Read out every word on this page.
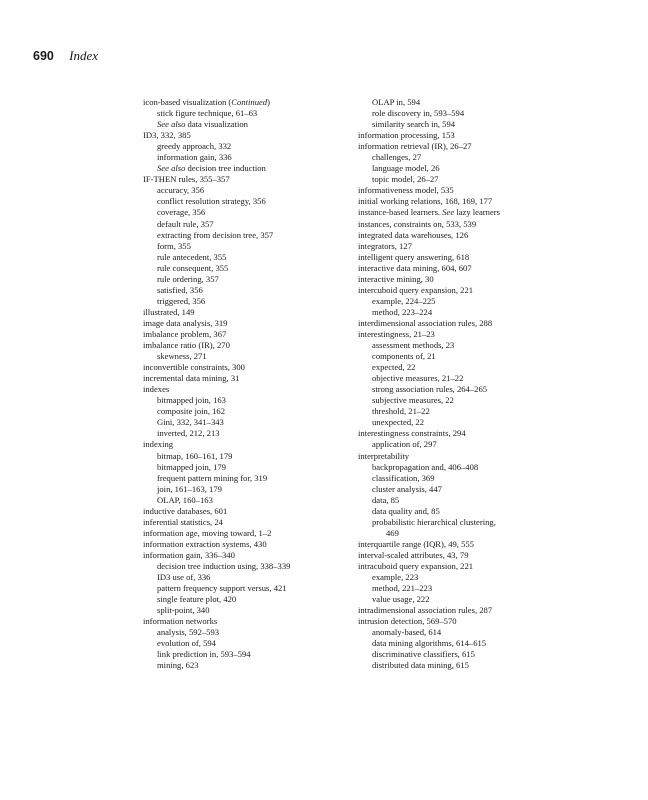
690 Index
icon-based visualization (Continued)
stick figure technique, 61–63
See also data visualization
ID3, 332, 385
greedy approach, 332
information gain, 336
See also decision tree induction
IF-THEN rules, 355–357
accuracy, 356
conflict resolution strategy, 356
coverage, 356
default rule, 357
extracting from decision tree, 357
form, 355
rule antecedent, 355
rule consequent, 355
rule ordering, 357
satisfied, 356
triggered, 356
illustrated, 149
image data analysis, 319
imbalance problem, 367
imbalance ratio (IR), 270
skewness, 271
inconvertible constraints, 300
incremental data mining, 31
indexes
bitmapped join, 163
composite join, 162
Gini, 332, 341–343
inverted, 212, 213
indexing
bitmap, 160–161, 179
bitmapped join, 179
frequent pattern mining for, 319
join, 161–163, 179
OLAP, 160–163
inductive databases, 601
inferential statistics, 24
information age, moving toward, 1–2
information extraction systems, 430
information gain, 336–340
decision tree induction using, 338–339
ID3 use of, 336
pattern frequency support versus, 421
single feature plot, 420
split-point, 340
information networks
analysis, 592–593
evolution of, 594
link prediction in, 593–594
mining, 623
OLAP in, 594
role discovery in, 593–594
similarity search in, 594
information processing, 153
information retrieval (IR), 26–27
challenges, 27
language model, 26
topic model, 26–27
informativeness model, 535
initial working relations, 168, 169, 177
instance-based learners. See lazy learners
instances, constraints on, 533, 539
integrated data warehouses, 126
integrators, 127
intelligent query answering, 618
interactive data mining, 604, 607
interactive mining, 30
intercuboid query expansion, 221
example, 224–225
method, 223–224
interdimensional association rules, 288
interestingness, 21–23
assessment methods, 23
components of, 21
expected, 22
objective measures, 21–22
strong association rules, 264–265
subjective measures, 22
threshold, 21–22
unexpected, 22
interestingness constraints, 294
application of, 297
interpretability
backpropagation and, 406–408
classification, 369
cluster analysis, 447
data, 85
data quality and, 85
probabilistic hierarchical clustering,
469
interquartile range (IQR), 49, 555
interval-scaled attributes, 43, 79
intracuboid query expansion, 221
example, 223
method, 221–223
value usage, 222
intradimensional association rules, 287
intrusion detection, 569–570
anomaly-based, 614
data mining algorithms, 614–615
discriminative classifiers, 615
distributed data mining, 615
